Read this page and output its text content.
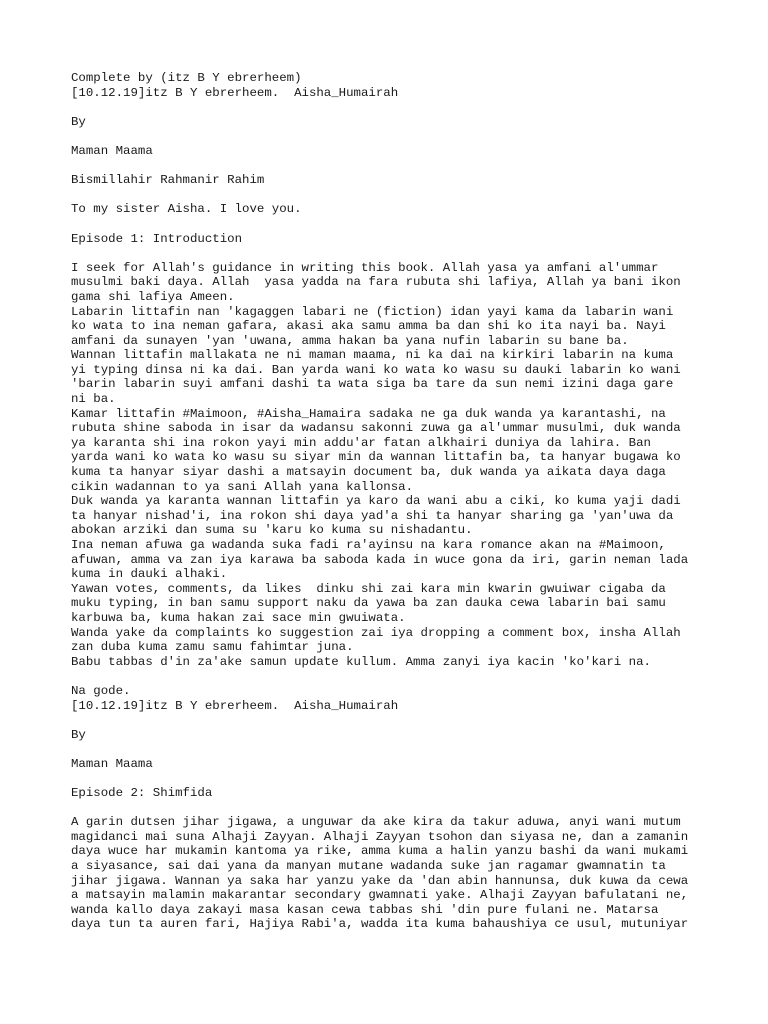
Complete by (itz B Y ebrerheem)
[10.12.19]itz B Y ebrerheem.  Aisha_Humairah
By
Maman Maama
Bismillahir Rahmanir Rahim
To my sister Aisha. I love you.
Episode 1: Introduction
I seek for Allah's guidance in writing this book. Allah yasa ya amfani al'ummar
musulmi baki daya. Allah  yasa yadda na fara rubuta shi lafiya, Allah ya bani ikon
gama shi lafiya Ameen.
Labarin littafin nan 'kagaggen labari ne (fiction) idan yayi kama da labarin wani
ko wata to ina neman gafara, akasi aka samu amma ba dan shi ko ita nayi ba. Nayi
amfani da sunayen 'yan 'uwana, amma hakan ba yana nufin labarin su bane ba.
Wannan littafin mallakata ne ni maman maama, ni ka dai na kirkiri labarin na kuma
yi typing dinsa ni ka dai. Ban yarda wani ko wata ko wasu su dauki labarin ko wani
'barin labarin suyi amfani dashi ta wata siga ba tare da sun nemi izini daga gare
ni ba.
Kamar littafin #Maimoon, #Aisha_Hamaira sadaka ne ga duk wanda ya karantashi, na
rubuta shine saboda in isar da wadansu sakonni zuwa ga al'ummar musulmi, duk wanda
ya karanta shi ina rokon yayi min addu'ar fatan alkhairi duniya da lahira. Ban
yarda wani ko wata ko wasu su siyar min da wannan littafin ba, ta hanyar bugawa ko
kuma ta hanyar siyar dashi a matsayin document ba, duk wanda ya aikata daya daga
cikin wadannan to ya sani Allah yana kallonsa.
Duk wanda ya karanta wannan littafin ya karo da wani abu a ciki, ko kuma yaji dadi
ta hanyar nishad'i, ina rokon shi daya yad'a shi ta hanyar sharing ga 'yan'uwa da
abokan arziki dan suma su 'karu ko kuma su nishadantu.
Ina neman afuwa ga wadanda suka fadi ra'ayinsu na kara romance akan na #Maimoon,
afuwan, amma va zan iya karawa ba saboda kada in wuce gona da iri, garin neman lada
kuma in dauki alhaki.
Yawan votes, comments, da likes  dinku shi zai kara min kwarin gwuiwar cigaba da
muku typing, in ban samu support naku da yawa ba zan dauka cewa labarin bai samu
karbuwa ba, kuma hakan zai sace min gwuiwata.
Wanda yake da complaints ko suggestion zai iya dropping a comment box, insha Allah
zan duba kuma zamu samu fahimtar juna.
Babu tabbas d'in za'ake samun update kullum. Amma zanyi iya kacin 'ko'kari na.
Na gode.
[10.12.19]itz B Y ebrerheem.  Aisha_Humairah
By
Maman Maama
Episode 2: Shimfida
A garin dutsen jihar jigawa, a unguwar da ake kira da takur aduwa, anyi wani mutum
magidanci mai suna Alhaji Zayyan. Alhaji Zayyan tsohon dan siyasa ne, dan a zamanin
daya wuce har mukamin kantoma ya rike, amma kuma a halin yanzu bashi da wani mukami
a siyasance, sai dai yana da manyan mutane wadanda suke jan ragamar gwamnatin ta
jihar jigawa. Wannan ya saka har yanzu yake da 'dan abin hannunsa, duk kuwa da cewa
a matsayin malamin makarantar secondary gwamnati yake. Alhaji Zayyan bafulatani ne,
wanda kallo daya zakayi masa kasan cewa tabbas shi 'din pure fulani ne. Matarsa
daya tun ta auren fari, Hajiya Rabi'a, wadda ita kuma bahaushiya ce usul, mutuniyar
